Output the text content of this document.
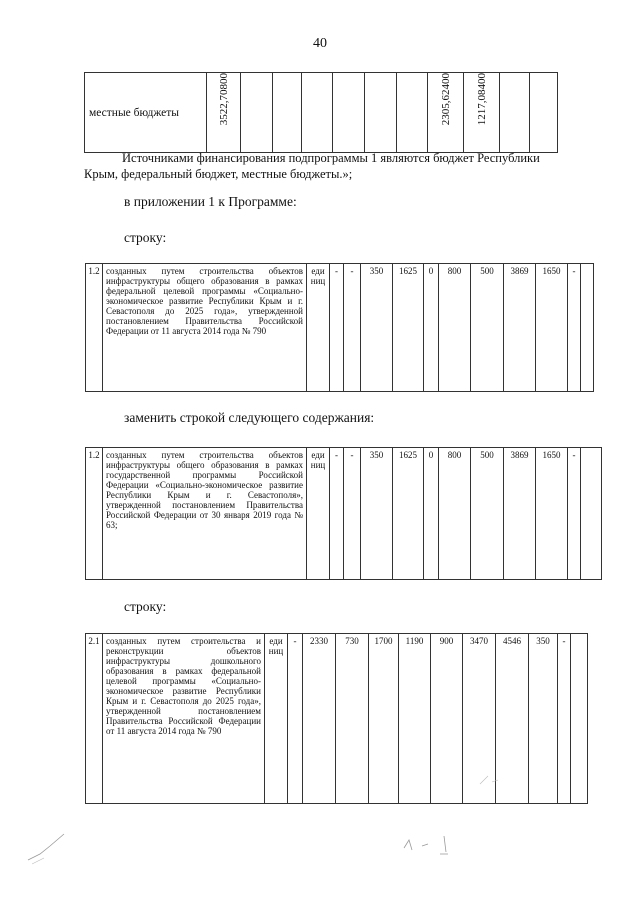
40
местные бюджеты	3522,70800							2305,62400	1217,08400

Источниками финансирования подпрограммы 1 являются бюджет Республики
Крым, федеральный бюджет, местные бюджеты.»;
в приложении 1 к Программе:
строку:
1.2	созданных путем строительства объектов инфраструктуры общего образования в рамках федеральной целевой программы «Социально-экономическое развитие Республики Крым и г. Севастополя до 2025 года», утвержденной постановлением Правительства Российской Федерации от 11 августа 2014 года № 790	еди ниц	-	-	350	1625	0	800	500	3869	1650	-	
заменить строкой следующего содержания:
1.2	созданных путем строительства объектов инфраструктуры общего образования в рамках государственной программы Российской Федерации «Социально-экономическое развитие Республики Крым и г. Севастополя», утвержденной постановлением Правительства Российской Федерации от 30 января 2019 года № 63;	еди ниц	-	-	350	1625	0	800	500	3869	1650	-	
строку:
2.1	созданных путем строительства и реконструкции объектов инфраструктуры дошкольного образования в рамках федеральной целевой программы «Социально-экономическое развитие Республики Крым и г. Севастополя до 2025 года», утвержденной постановлением Правительства Российской Федерации от 11 августа 2014 года № 790	еди ниц	-	2330	730	1700	1190	900	3470	4546	350	-	
